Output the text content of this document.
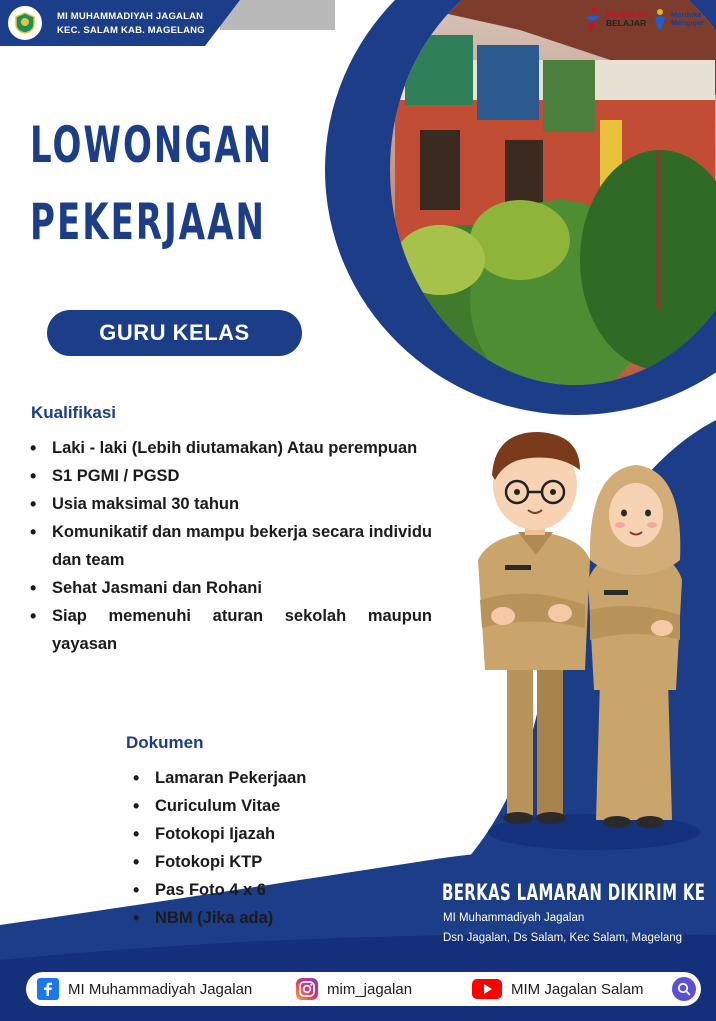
MI MUHAMMADIYAH JAGALAN
KEC. SALAM KAB. MAGELANG
MERDEKA
BELAJAR
Merdeka
Mengajar
LOWONGAN
PEKERJAAN
GURU KELAS
Kualifikasi
• Laki - laki (Lebih diutamakan) Atau perempuan
• S1 PGMI / PGSD
• Usia maksimal 30 tahun
• Komunikatif dan mampu bekerja secara individu dan team
• Sehat Jasmani dan Rohani
• Siap memenuhi aturan sekolah maupun yayasan
Dokumen
• Lamaran Pekerjaan
• Curiculum Vitae
• Fotokopi Ijazah
• Fotokopi KTP
• Pas Foto 4 x 6
• NBM (Jika ada)
BERKAS LAMARAN DIKIRIM KE
MI Muhammadiyah Jagalan
Dsn Jagalan, Ds Salam, Kec Salam, Magelang
MI Muhammadiyah Jagalan	mim_jagalan	MIM Jagalan Salam
